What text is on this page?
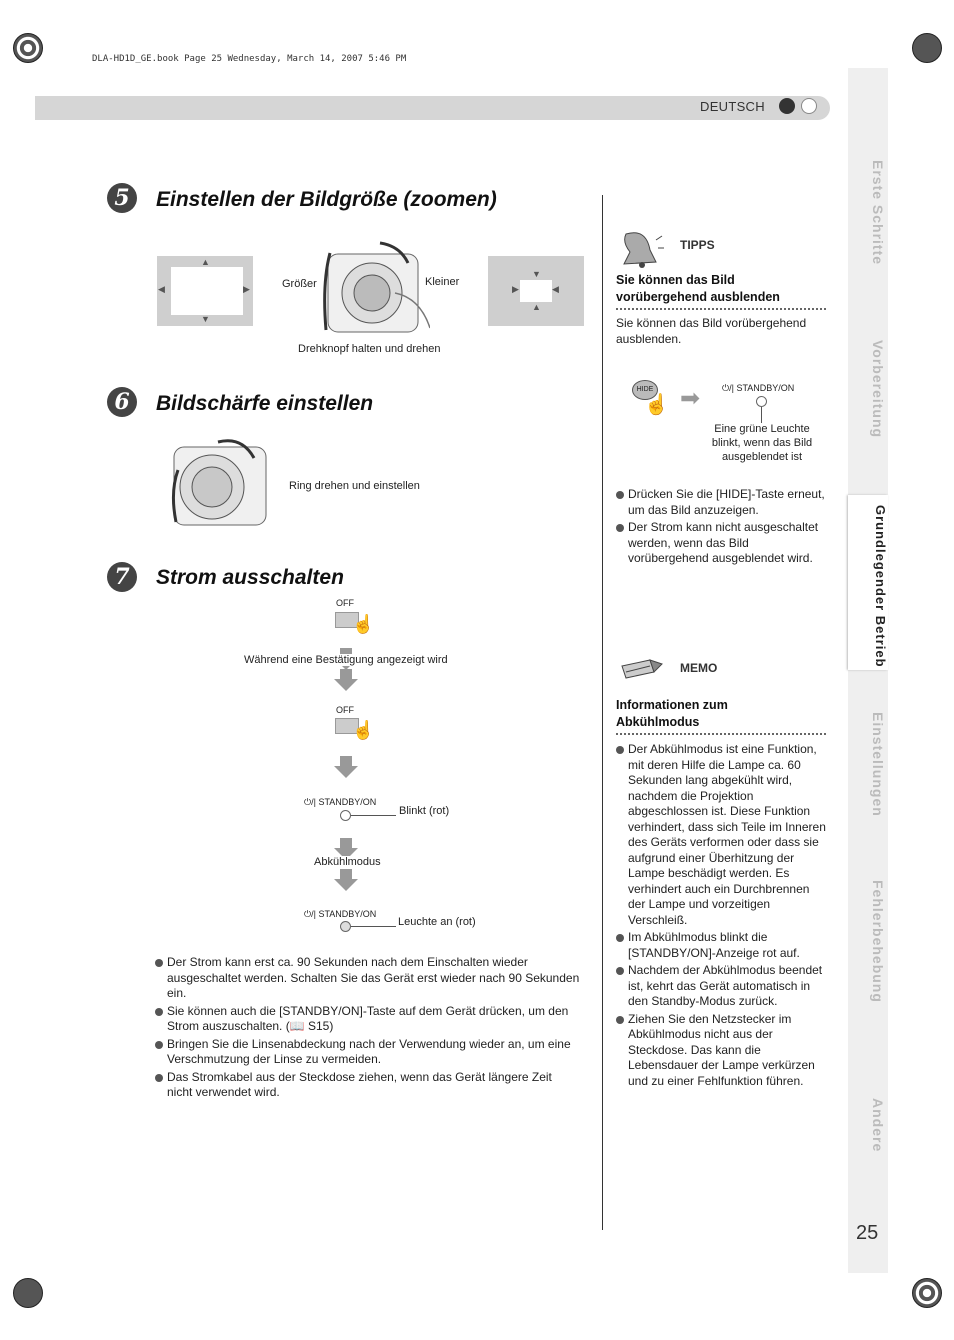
DLA-HD1D_GE.book Page 25 Wednesday, March 14, 2007 5:46 PM
DEUTSCH
Erste Schritte
Vorbereitung
Grundlegender Betrieb
Einstellungen
Fehlerbehebung
Andere
25
5	Einstellen der Bildgröße (zoomen)
▲
▼
◀	▶	Größer	Kleiner
Drehknopf halten und drehen
▼
▲
▶	◀
6	Bildschärfe einstellen
Ring drehen und einstellen
7	Strom ausschalten
OFF
☝
Während eine Bestätigung angezeigt wird
OFF
☝
⏻/| STANDBY/ON
Blinkt (rot)
Abkühlmodus
⏻/| STANDBY/ON
Leuchte an (rot)
Der Strom kann erst ca. 90 Sekunden nach dem Einschalten wieder ausgeschaltet werden. Schalten Sie das Gerät erst wieder nach 90 Sekunden ein.
Sie können auch die [STANDBY/ON]-Taste auf dem Gerät drücken, um den Strom auszuschalten. (📖 S15)
Bringen Sie die Linsenabdeckung nach der Verwendung wieder an, um eine Verschmutzung der Linse zu vermeiden.
Das Stromkabel aus der Steckdose ziehen, wenn das Gerät längere Zeit nicht verwendet wird.
TIPPS
Sie können das Bild vorübergehend ausblenden
Sie können das Bild vorübergehend ausblenden.
HIDE
☝ ➡ ⏻/| STANDBY/ON
Eine grüne Leuchte blinkt, wenn das Bild ausgeblendet ist
Drücken Sie die [HIDE]-Taste erneut, um das Bild anzuzeigen.
Der Strom kann nicht ausgeschaltet werden, wenn das Bild vorübergehend ausgeblendet wird.
MEMO
Informationen zum Abkühlmodus
Der Abkühlmodus ist eine Funktion, mit deren Hilfe die Lampe ca. 60 Sekunden lang abgekühlt wird, nachdem die Projektion abgeschlossen ist. Diese Funktion verhindert, dass sich Teile im Inneren des Geräts verformen oder dass sie aufgrund einer Überhitzung der Lampe beschädigt werden. Es verhindert auch ein Durchbrennen der Lampe und vorzeitigen Verschleiß.
Im Abkühlmodus blinkt die [STANDBY/ON]-Anzeige rot auf.
Nachdem der Abkühlmodus beendet ist, kehrt das Gerät automatisch in den Standby-Modus zurück.
Ziehen Sie den Netzstecker im Abkühlmodus nicht aus der Steckdose. Das kann die Lebensdauer der Lampe verkürzen und zu einer Fehlfunktion führen.
